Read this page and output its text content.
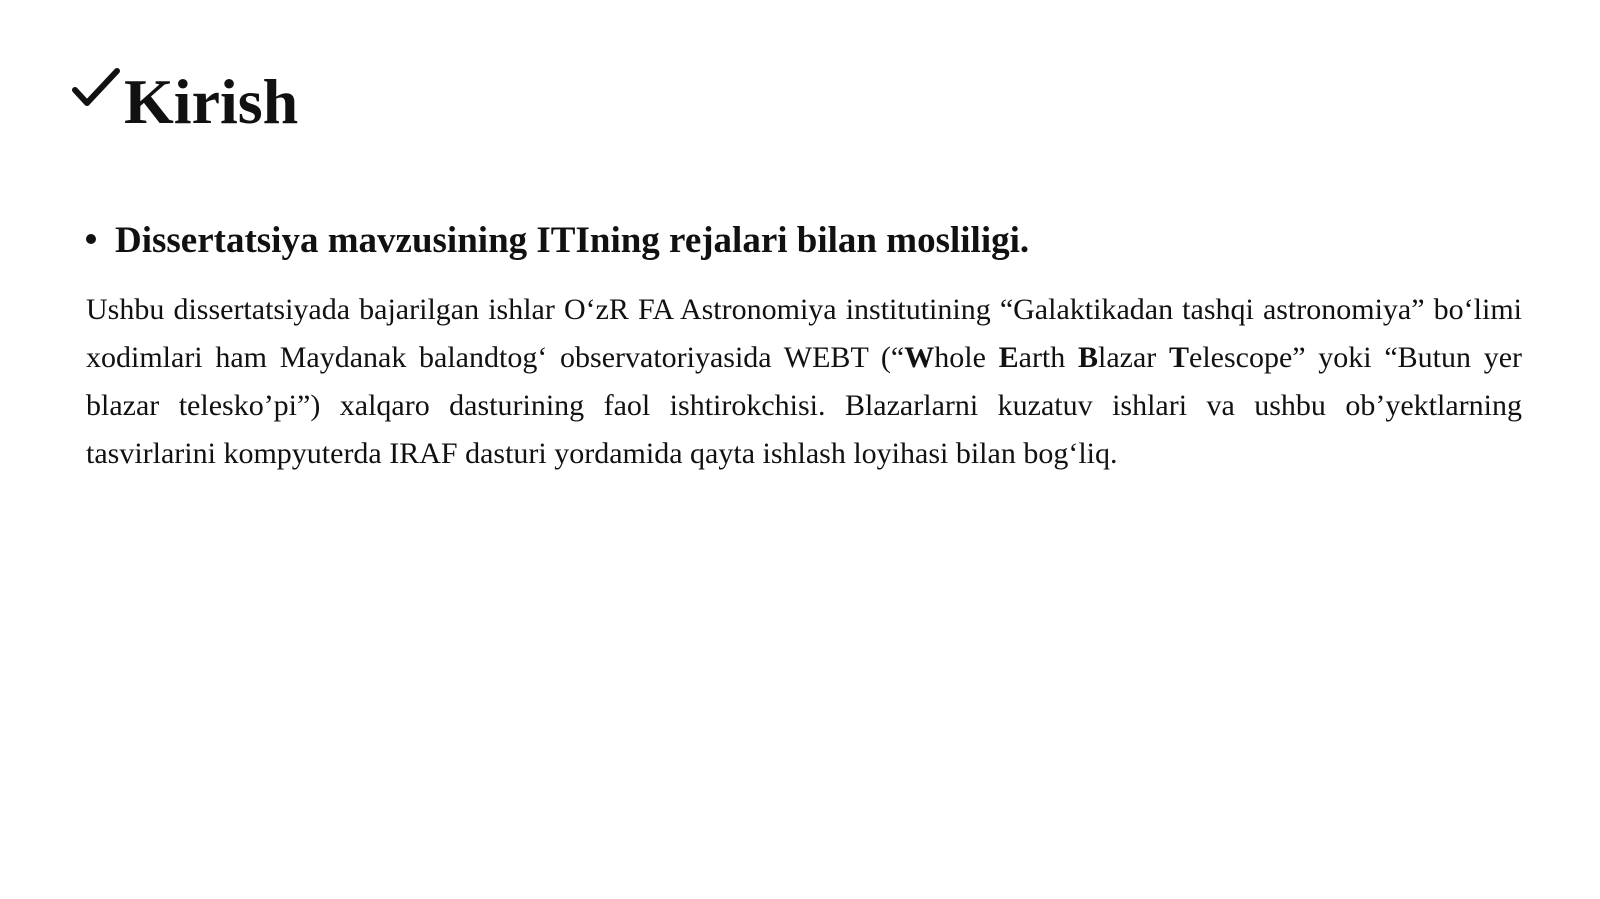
Kirish

Dissertatsiya mavzusining ITIning rejalari bilan mosliligi.

Ushbu dissertatsiyada bajarilgan ishlar O‘zR FA Astronomiya institutining “Galaktikadan tashqi astronomiya” bo‘limi xodimlari ham Maydanak balandtog‘ observatoriyasida WEBT (“Whole Earth Blazar Telescope” yoki “Butun yer blazar telesko’pi”) xalqaro dasturining faol ishtirokchisi. Blazarlarni kuzatuv ishlari va ushbu ob’yektlarning tasvirlarini kompyuterda IRAF dasturi yordamida qayta ishlash loyihasi bilan bog‘liq.
